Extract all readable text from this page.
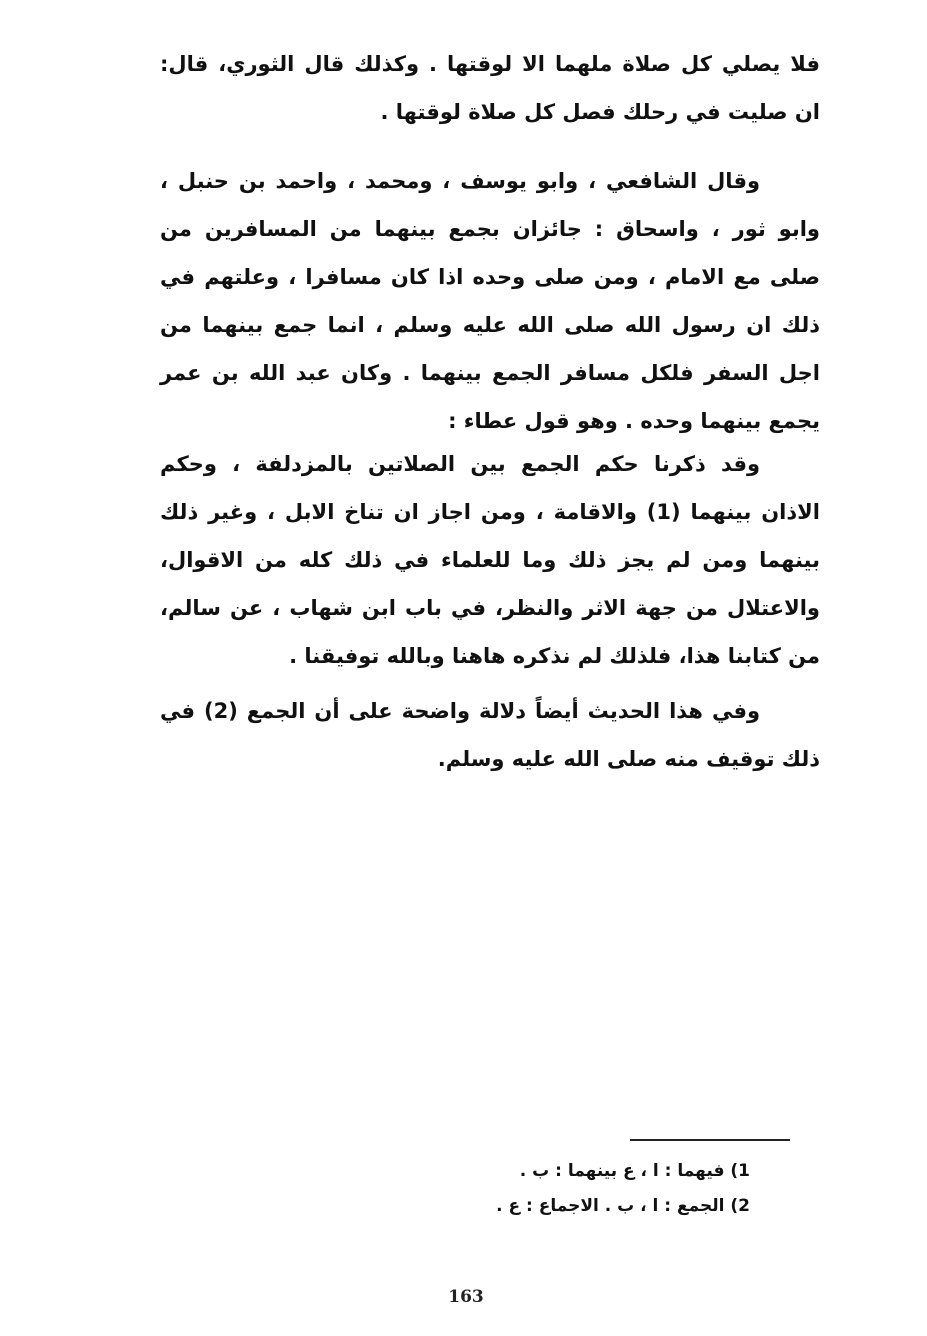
فلا يصلي كل صلاة ملهما الا لوقتها . وكذلك قال الثوري، قال: ان صليت في رحلك فصل كل صلاة لوقتها .

وقال الشافعي ، وابو يوسف ، ومحمد ، واحمد بن حنبل ، وابو ثور ، واسحاق : جائزان بجمع بينهما من المسافرين من صلى مع الامام ، ومن صلى وحده اذا كان مسافرا ، وعلتهم في ذلك ان رسول الله صلى الله عليه وسلم ، انما جمع بينهما من اجل السفر فلكل مسافر الجمع بينهما . وكان عبد الله بن عمر يجمع بينهما وحده . وهو قول عطاء :

وقد ذكرنا حكم الجمع بين الصلاتين بالمزدلفة ، وحكم الاذان بينهما (1) والاقامة ، ومن اجاز ان تناخ الابل ، وغير ذلك بينهما ومن لم يجز ذلك وما للعلماء في ذلك كله من الاقوال، والاعتلال من جهة الاثر والنظر، في باب ابن شهاب ، عن سالم، من كتابنا هذا، فلذلك لم نذكره هاهنا وبالله توفيقنا .

وفي هذا الحديث أيضاً دلالة واضحة على أن الجمع (2) في ذلك توقيف منه صلى الله عليه وسلم.

1) فيهما : ا ، ع بينهما : ب .

2) الجمع : ا ، ب . الاجماع : ع .

163
